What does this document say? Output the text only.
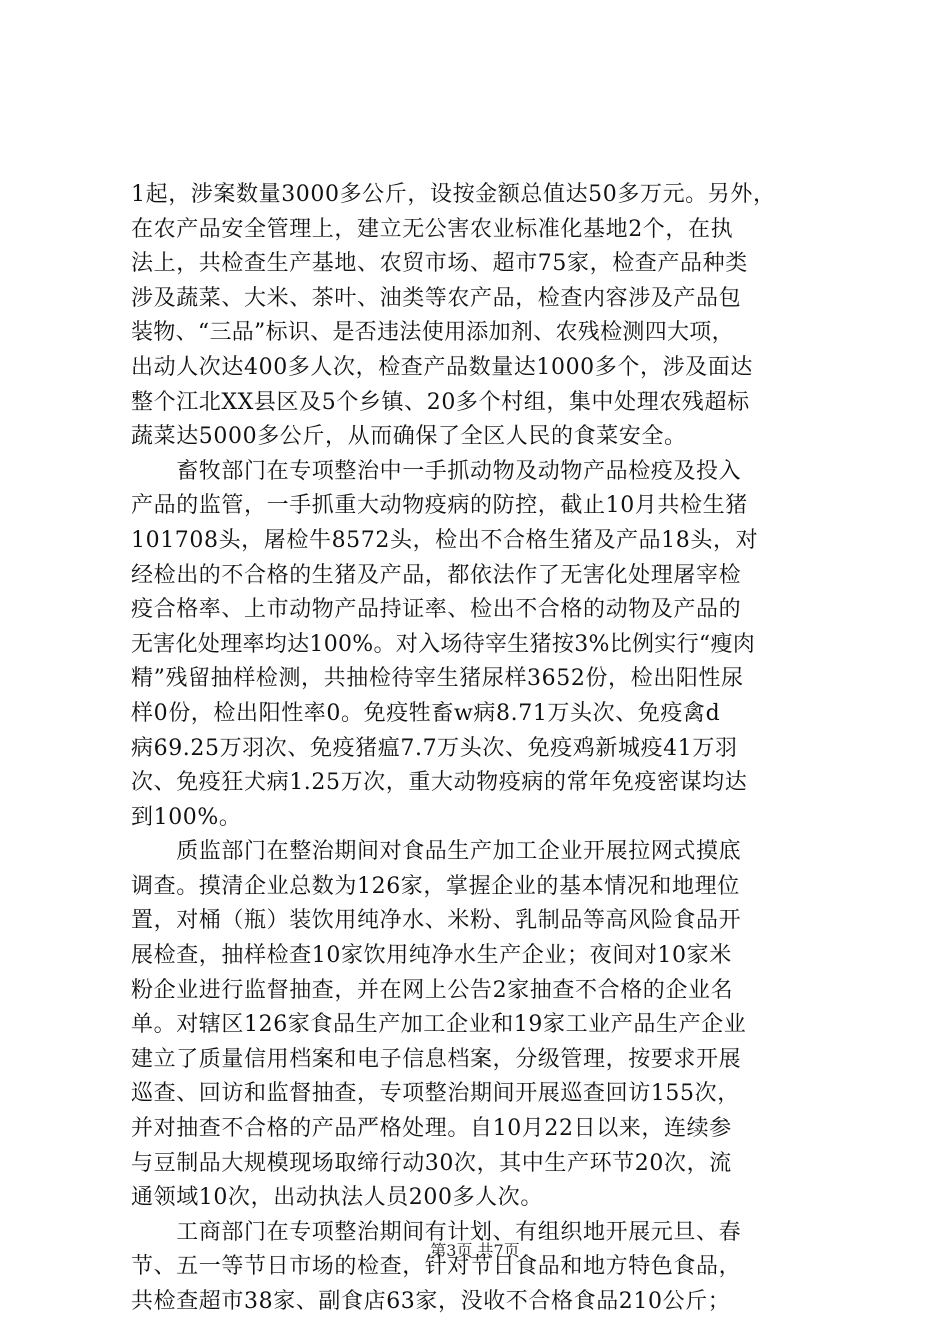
1起，涉案数量3000多公斤，设按金额总值达50多万元。另外，
在农产品安全管理上，建立无公害农业标准化基地2个，在执
法上，共检查生产基地、农贸市场、超市75家，检查产品种类
涉及蔬菜、大米、茶叶、油类等农产品，检查内容涉及产品包
装物、“三品”标识、是否违法使用添加剂、农残检测四大项，
出动人次达400多人次，检查产品数量达1000多个，涉及面达
整个江北XX县区及5个乡镇、20多个村组，集中处理农残超标
蔬菜达5000多公斤，从而确保了全区人民的食菜安全。
　　畜牧部门在专项整治中一手抓动物及动物产品检疫及投入
产品的监管，一手抓重大动物疫病的防控，截止10月共检生猪
101708头，屠检牛8572头，检出不合格生猪及产品18头，对
经检出的不合格的生猪及产品，都依法作了无害化处理屠宰检
疫合格率、上市动物产品持证率、检出不合格的动物及产品的
无害化处理率均达100%。对入场待宰生猪按3%比例实行“瘦肉
精”残留抽样检测，共抽检待宰生猪尿样3652份，检出阳性尿
样0份，检出阳性率0。免疫牲畜w病8.71万头次、免疫禽d
病69.25万羽次、免疫猪瘟7.7万头次、免疫鸡新城疫41万羽
次、免疫狂犬病1.25万次，重大动物疫病的常年免疫密谋均达
到100%。
　　质监部门在整治期间对食品生产加工企业开展拉网式摸底
调查。摸清企业总数为126家，掌握企业的基本情况和地理位
置，对桶（瓶）装饮用纯净水、米粉、乳制品等高风险食品开
展检查，抽样检查10家饮用纯净水生产企业；夜间对10家米
粉企业进行监督抽查，并在网上公告2家抽查不合格的企业名
单。对辖区126家食品生产加工企业和19家工业产品生产企业
建立了质量信用档案和电子信息档案，分级管理，按要求开展
巡查、回访和监督抽查，专项整治期间开展巡查回访155次，
并对抽查不合格的产品严格处理。自10月22日以来，连续参
与豆制品大规模现场取缔行动30次，其中生产环节20次，流
通领域10次，出动执法人员200多人次。
　　工商部门在专项整治期间有计划、有组织地开展元旦、春
节、五一等节日市场的检查，针对节日食品和地方特色食品，
共检查超市38家、副食店63家，没收不合格食品210公斤；
第3页 共7页
